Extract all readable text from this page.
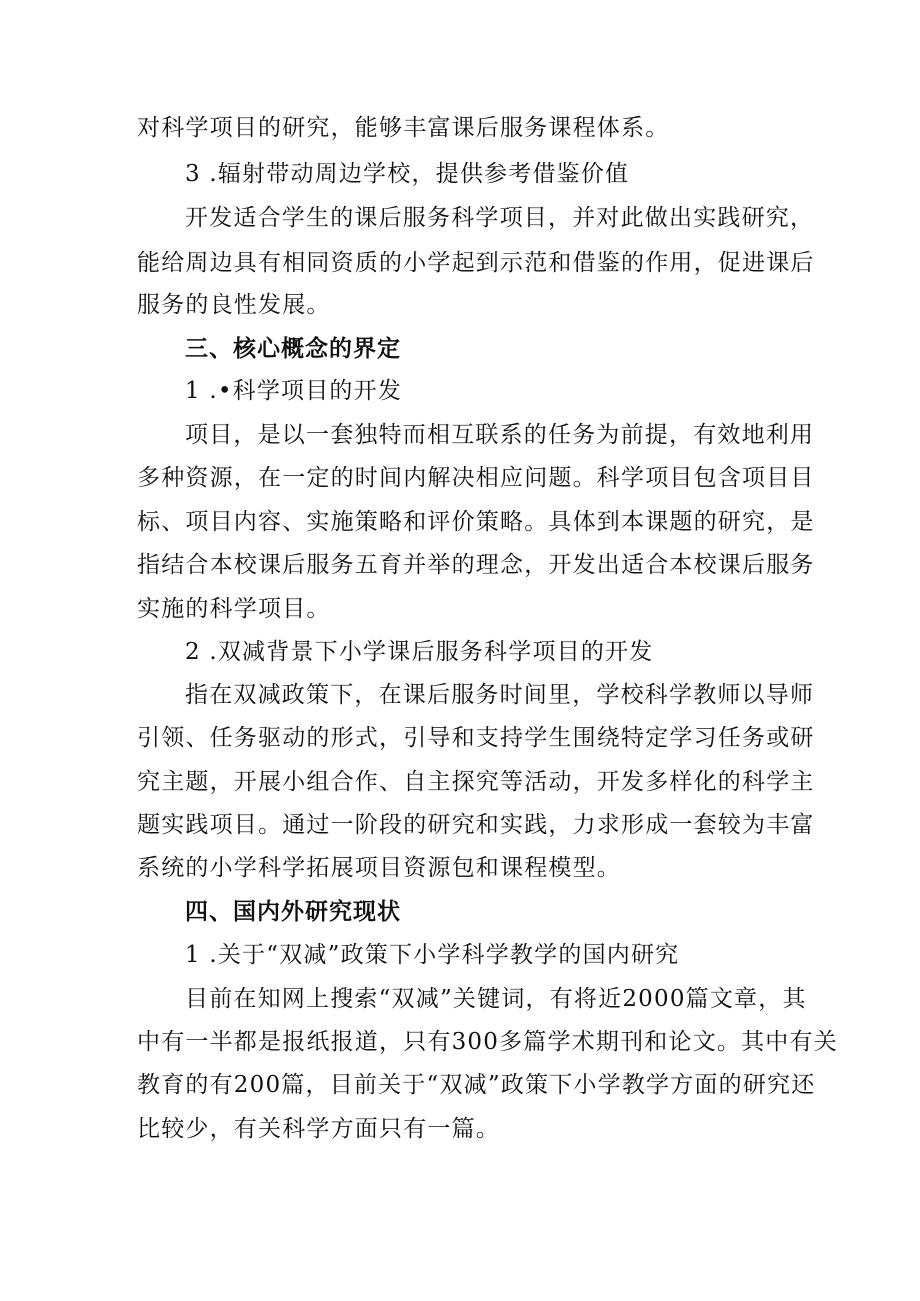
对科学项目的研究，能够丰富课后服务课程体系。
3 .辐射带动周边学校，提供参考借鉴价值
开发适合学生的课后服务科学项目，并对此做出实践研究，
能给周边具有相同资质的小学起到示范和借鉴的作用，促进课后
服务的良性发展。
三、核心概念的界定
1 .•科学项目的开发
项目，是以一套独特而相互联系的任务为前提，有效地利用
多种资源，在一定的时间内解决相应问题。科学项目包含项目目
标、项目内容、实施策略和评价策略。具体到本课题的研究，是
指结合本校课后服务五育并举的理念，开发出适合本校课后服务
实施的科学项目。
2 .双减背景下小学课后服务科学项目的开发
指在双减政策下，在课后服务时间里，学校科学教师以导师
引领、任务驱动的形式，引导和支持学生围绕特定学习任务或研
究主题，开展小组合作、自主探究等活动，开发多样化的科学主
题实践项目。通过一阶段的研究和实践，力求形成一套较为丰富
系统的小学科学拓展项目资源包和课程模型。
四、国内外研究现状
1 .关于“双减”政策下小学科学教学的国内研究
目前在知网上搜索“双减”关键词，有将近2000篇文章，其
中有一半都是报纸报道，只有300多篇学术期刊和论文。其中有关
教育的有200篇，目前关于“双减”政策下小学教学方面的研究还
比较少，有关科学方面只有一篇。
